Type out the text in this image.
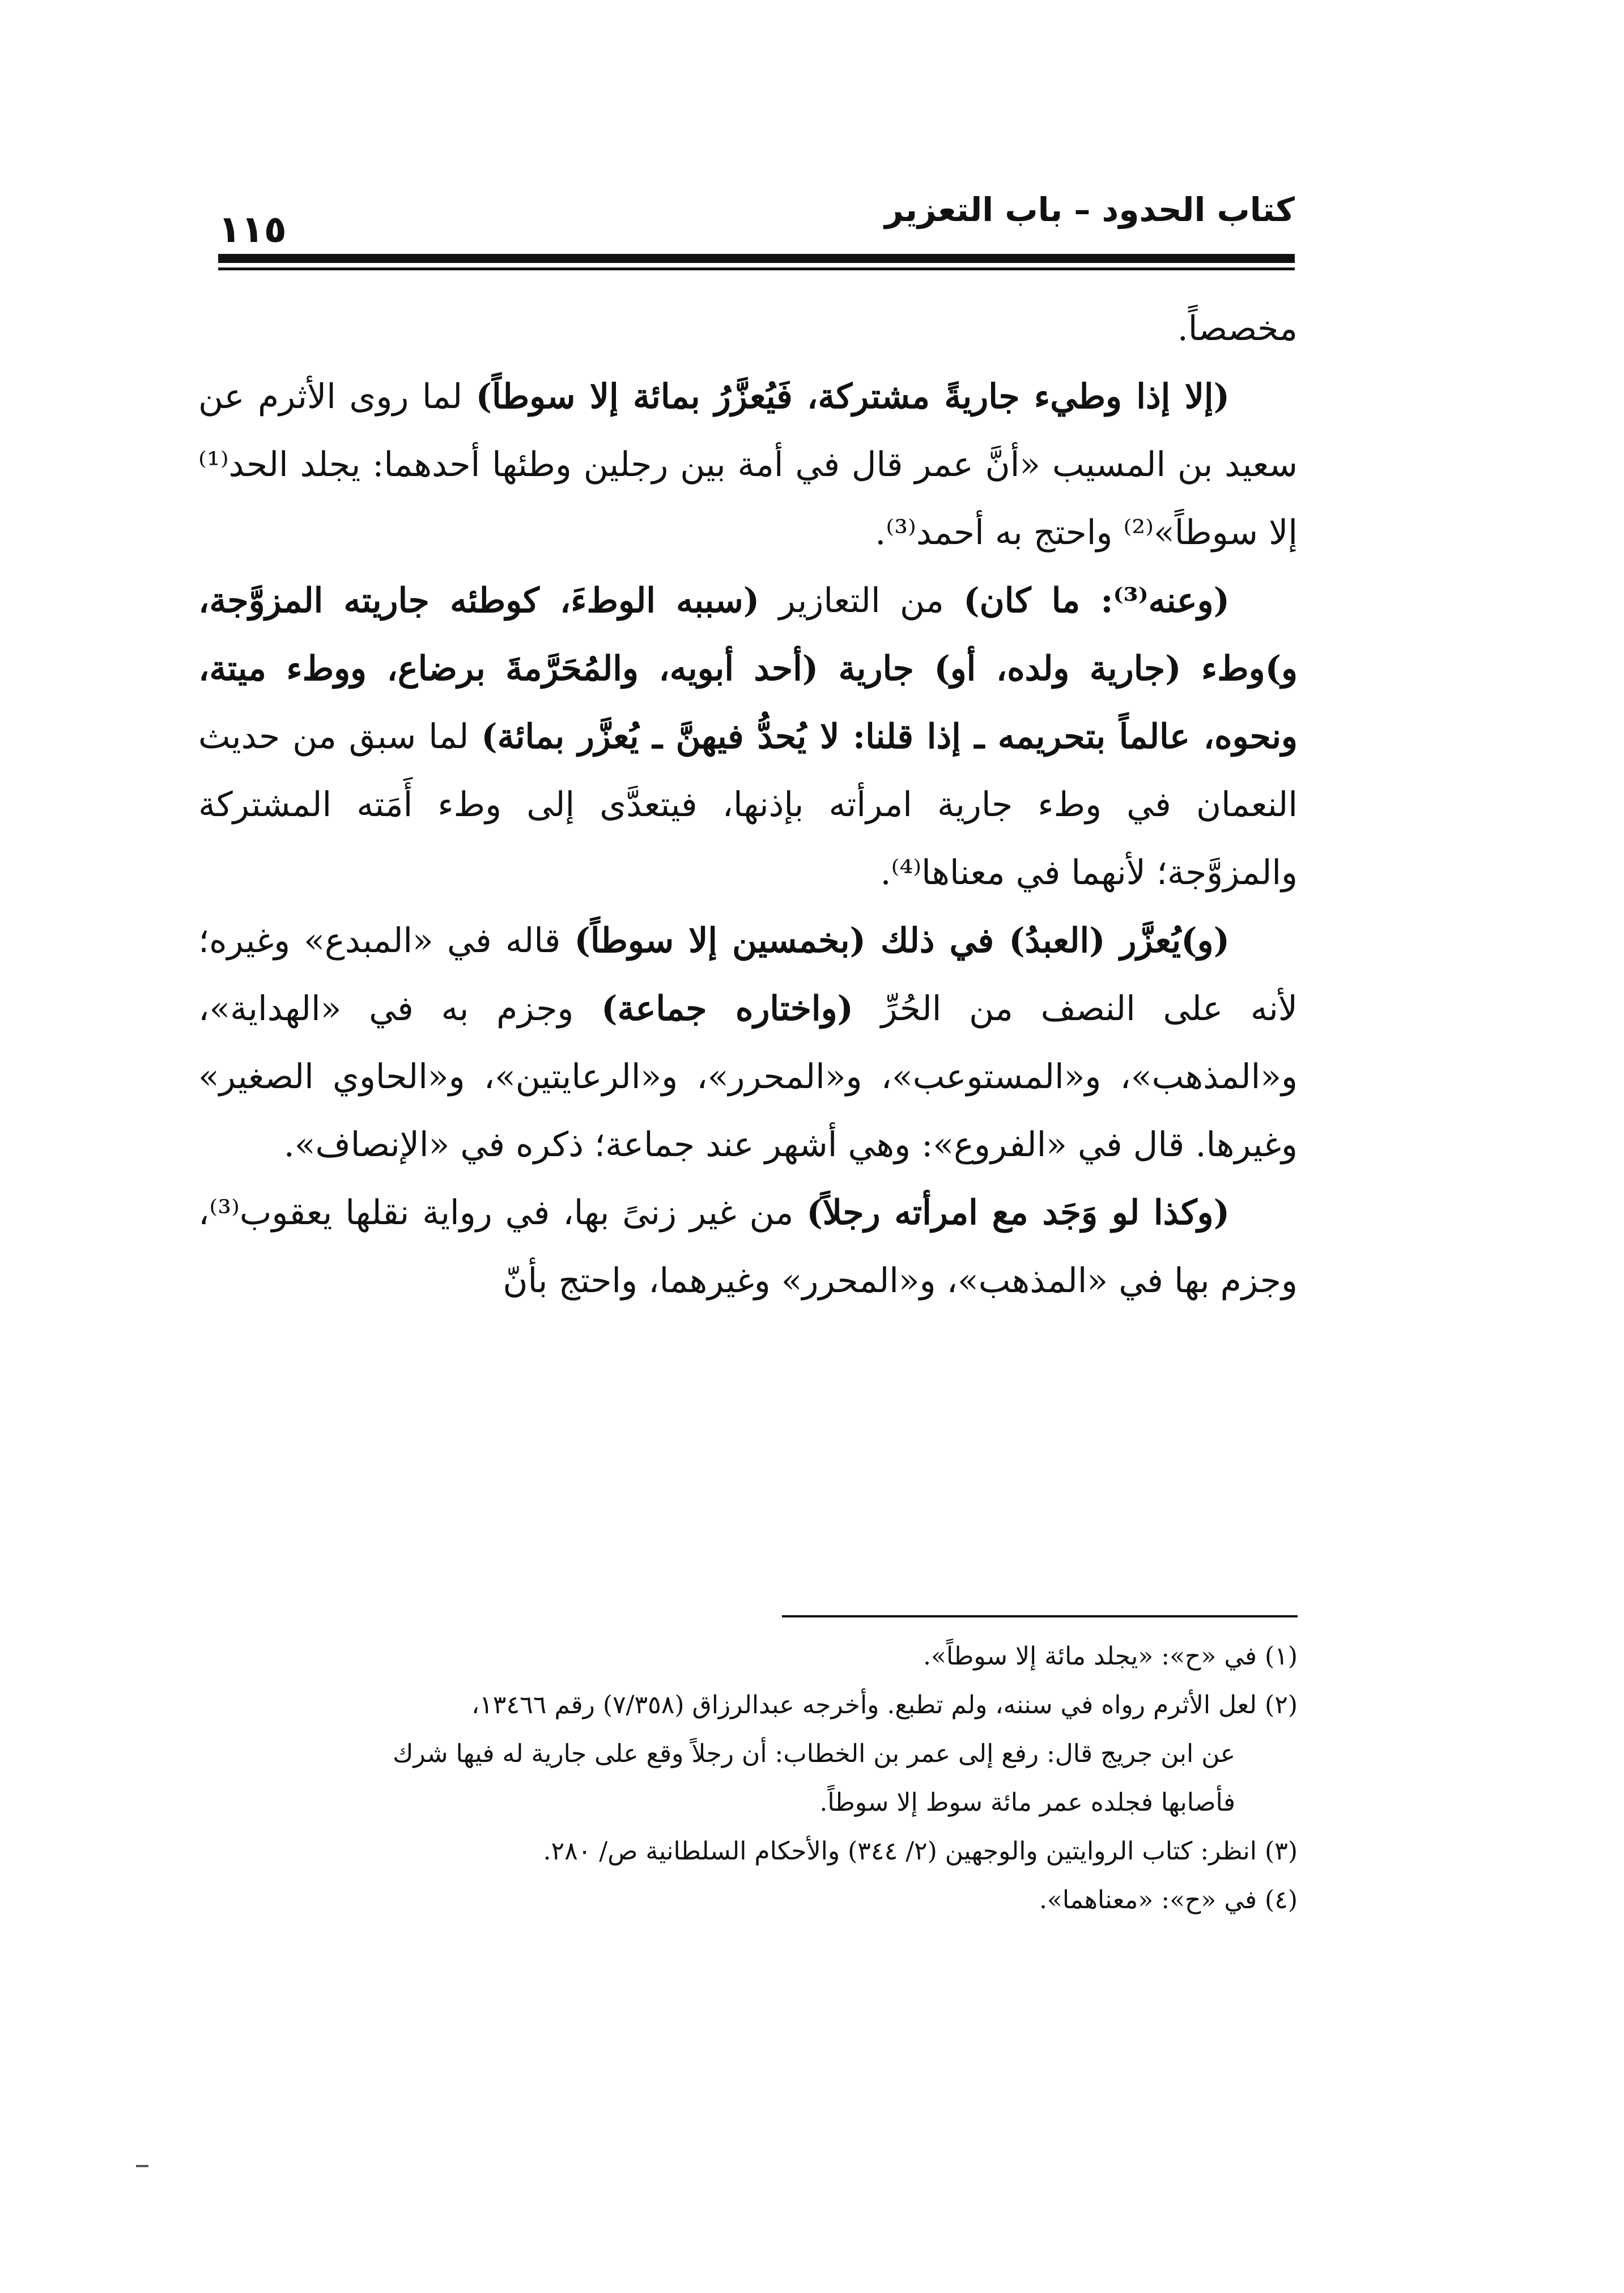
كتاب الحدود – باب التعزير
١١٥

مخصصاً.

(إلا إذا وطيء جاريةً مشتركة، فَيُعزَّرُ بمائة إلا سوطاً) لما روى الأثرم عن سعيد بن المسيب «أنَّ عمر قال في أمة بين رجلين وطئها أحدهما: يجلد الحد⁽¹⁾ إلا سوطاً»⁽²⁾ واحتج به أحمد⁽³⁾.

(وعنه⁽³⁾: ما كان) من التعازير (سببه الوطءَ، كوطئه جاريته المزوَّجة، و)وطء (جارية ولده، أو) جارية (أحد أبويه، والمُحَرَّمةَ برضاع، ووطء ميتة، ونحوه، عالماً بتحريمه ـ إذا قلنا: لا يُحدُّ فيهنَّ ـ يُعزَّر بمائة) لما سبق من حديث النعمان في وطء جارية امرأته بإذنها، فيتعدَّى إلى وطء أَمَته المشتركة والمزوَّجة؛ لأنهما في معناها⁽⁴⁾.

(و)يُعزَّر (العبدُ) في ذلك (بخمسين إلا سوطاً) قاله في «المبدع» وغيره؛ لأنه على النصف من الحُرِّ (واختاره جماعة) وجزم به في «الهداية»، و«المذهب»، و«المستوعب»، و«المحرر»، و«الرعايتين»، و«الحاوي الصغير» وغيرها. قال في «الفروع»: وهي أشهر عند جماعة؛ ذكره في «الإنصاف».

(وكذا لو وَجَد مع امرأته رجلاً) من غير زنىً بها، في رواية نقلها يعقوب⁽³⁾، وجزم بها في «المذهب»، و«المحرر» وغيرهما، واحتج بأنّ

(١) في «ح»: «يجلد مائة إلا سوطاً».

(٢) لعل الأثرم رواه في سننه، ولم تطبع. وأخرجه عبدالرزاق (٧/٣٥٨) رقم ١٣٤٦٦،

عن ابن جريج قال: رفع إلى عمر بن الخطاب: أن رجلاً وقع على جارية له فيها شرك

فأصابها فجلده عمر مائة سوط إلا سوطاً.

(٣) انظر: كتاب الروايتين والوجهين (٢/ ٣٤٤) والأحكام السلطانية ص/ ٢٨٠.

(٤) في «ح»: «معناهما».
